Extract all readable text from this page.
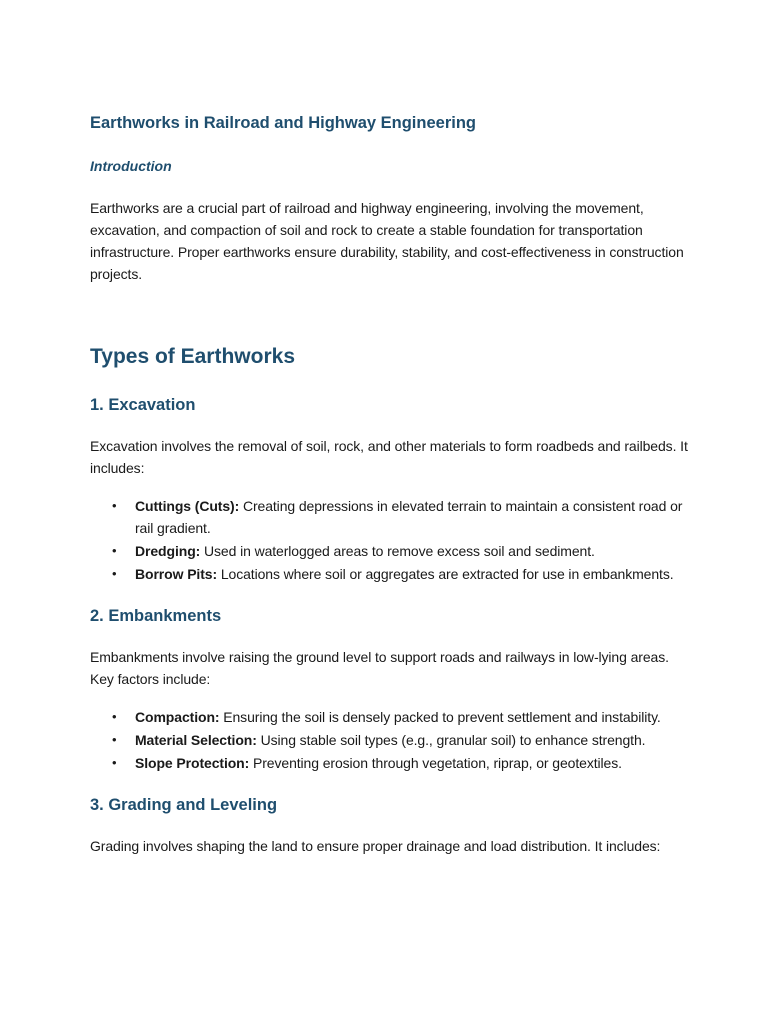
Earthworks in Railroad and Highway Engineering
Introduction

Earthworks are a crucial part of railroad and highway engineering, involving the movement, excavation, and compaction of soil and rock to create a stable foundation for transportation infrastructure. Proper earthworks ensure durability, stability, and cost-effectiveness in construction projects.

Types of Earthworks
1. Excavation

Excavation involves the removal of soil, rock, and other materials to form roadbeds and railbeds. It includes:

• Cuttings (Cuts): Creating depressions in elevated terrain to maintain a consistent road or rail gradient.
• Dredging: Used in waterlogged areas to remove excess soil and sediment.
• Borrow Pits: Locations where soil or aggregates are extracted for use in embankments.
2. Embankments

Embankments involve raising the ground level to support roads and railways in low-lying areas. Key factors include:

• Compaction: Ensuring the soil is densely packed to prevent settlement and instability.
• Material Selection: Using stable soil types (e.g., granular soil) to enhance strength.
• Slope Protection: Preventing erosion through vegetation, riprap, or geotextiles.
3. Grading and Leveling

Grading involves shaping the land to ensure proper drainage and load distribution. It includes:
